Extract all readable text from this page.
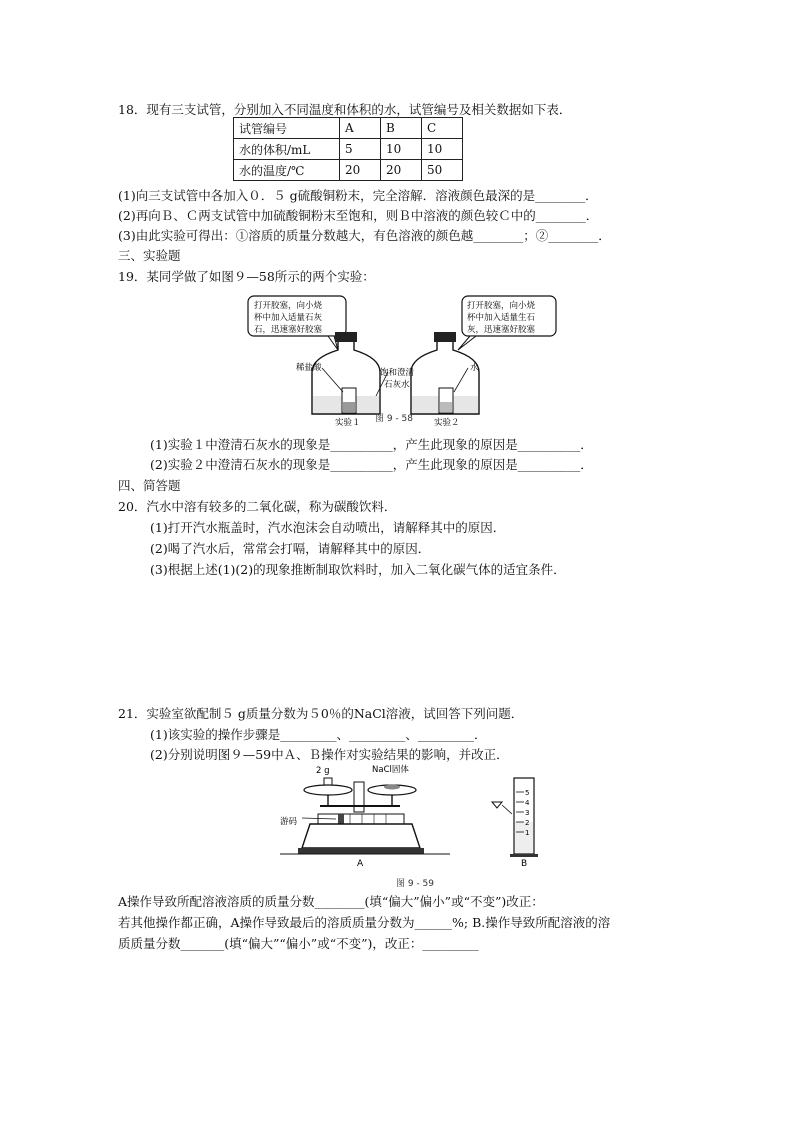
18．现有三支试管，分别加入不同温度和体积的水，试管编号及相关数据如下表．
试管编号	A	B	C
水的体积/mL	5	10	10
水的温度/℃	20	20	50
(1)向三支试管中各加入０．５ g硫酸铜粉末，完全溶解．溶液颜色最深的是________．
(2)再向Ｂ、Ｃ两支试管中加硫酸铜粉末至饱和，则Ｂ中溶液的颜色较Ｃ中的________．
(3)由此实验可得出：①溶质的质量分数越大，有色溶液的颜色越________；②________．
三、实验题
19．某同学做了如图９—58所示的两个实验：
打开胶塞，向小烧
杯中加入适量石灰
石，迅速塞好胶塞
打开胶塞，向小烧
杯中加入适量生石
灰，迅速塞好胶塞
稀盐酸	饱和澄清
石灰水
水
实验１	实验２
图 9 - 58
(1)实验１中澄清石灰水的现象是__________，产生此现象的原因是__________．
(2)实验２中澄清石灰水的现象是__________，产生此现象的原因是__________．
四、简答题
20．汽水中溶有较多的二氧化碳，称为碳酸饮料．
(1)打开汽水瓶盖时，汽水泡沫会自动喷出，请解释其中的原因．
(2)喝了汽水后，常常会打嗝，请解释其中的原因．
(3)根据上述(1)(2)的现象推断制取饮料时，加入二氧化碳气体的适宜条件．
21．实验室欲配制５ g质量分数为５0％的NaCl溶液，试回答下列问题．
(1)该实验的操作步骤是_________、_________、_________．
(2)分别说明图９—59中Ａ、Ｂ操作对实验结果的影响，并改正．
2 g	NaCl固体
游码
A
5
4
3
2
1
B
图 9 - 59
A操作导致所配溶液溶质的质量分数________(填“偏大”偏小”或“不变”)改正：
若其他操作都正确，A操作导致最后的溶质质量分数为______%; B.操作导致所配溶液的溶
质质量分数_______(填“偏大”“偏小”或“不变”)，改正：_________
